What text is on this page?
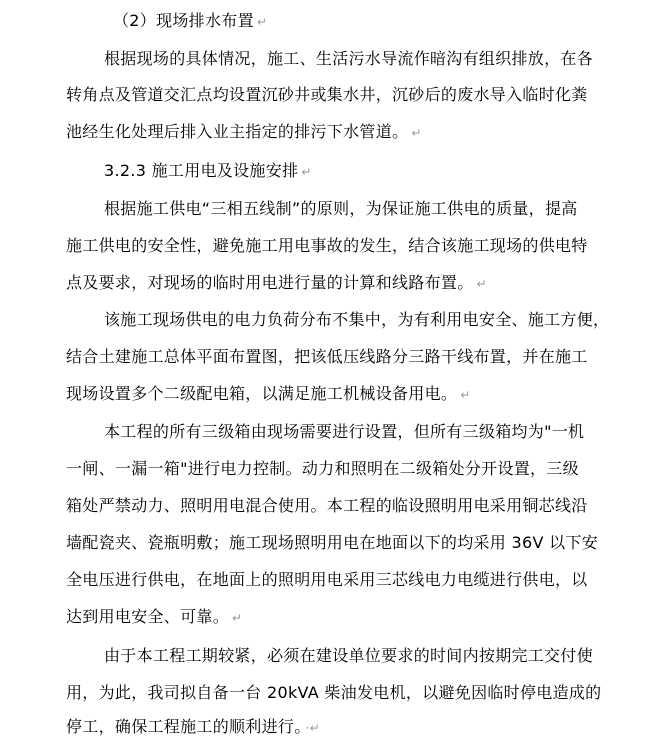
（2）现场排水布置 ↵
根据现场的具体情况，施工、生活污水导流作暗沟有组织排放，在各
转角点及管道交汇点均设置沉砂井或集水井，沉砂后的废水导入临时化粪
池经生化处理后排入业主指定的排污下水管道。 ↵
3.2.3 施工用电及设施安排 ↵
根据施工供电“三相五线制”的原则，为保证施工供电的质量，提高
施工供电的安全性，避免施工用电事故的发生，结合该施工现场的供电特
点及要求，对现场的临时用电进行量的计算和线路布置。 ↵
该施工现场供电的电力负荷分布不集中，为有利用电安全、施工方便，
结合土建施工总体平面布置图，把该低压线路分三路干线布置，并在施工
现场设置多个二级配电箱，以满足施工机械设备用电。 ↵
本工程的所有三级箱由现场需要进行设置，但所有三级箱均为"一机
一闸、一漏一箱"进行电力控制。动力和照明在二级箱处分开设置，三级
箱处严禁动力、照明用电混合使用。本工程的临设照明用电采用铜芯线沿
墙配瓷夹、瓷瓶明敷；施工现场照明用电在地面以下的均采用 36V 以下安
全电压进行供电，在地面上的照明用电采用三芯线电力电缆进行供电，以
达到用电安全、可靠。 ↵
由于本工程工期较紧，必须在建设单位要求的时间内按期完工交付使
用，为此，我司拟自备一台 20kVA 柴油发电机，以避免因临时停电造成的
停工，确保工程施工的顺利进行。 ·↵
